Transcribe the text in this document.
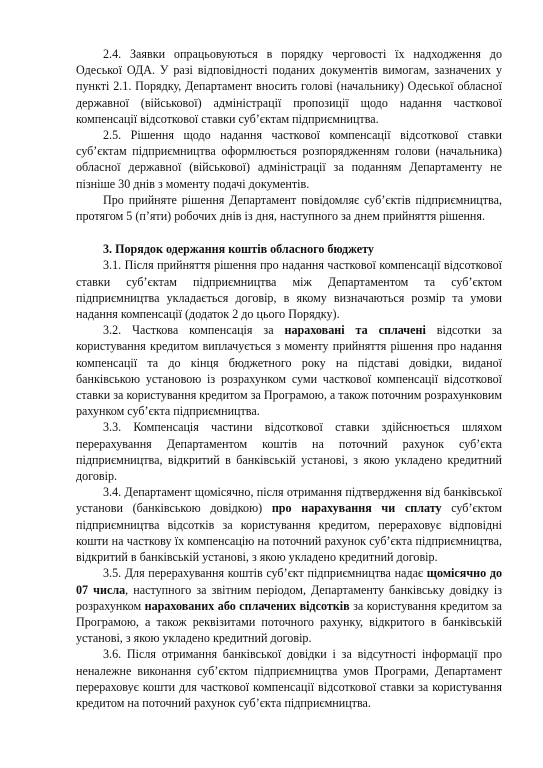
2.4. Заявки опрацьовуються в порядку черговості їх надходження до Одеської ОДА. У разі відповідності поданих документів вимогам, зазначених у пункті 2.1. Порядку, Департамент вносить голові (начальнику) Одеської обласної державної (військової) адміністрації пропозиції щодо надання часткової компенсації відсоткової ставки суб’єктам підприємництва.

2.5. Рішення щодо надання часткової компенсації відсоткової ставки суб’єктам підприємництва оформлюється розпорядженням голови (начальника) обласної державної (військової) адміністрації за поданням Департаменту не пізніше 30 днів з моменту подачі документів.

Про прийняте рішення Департамент повідомляє суб’єктів підприємництва, протягом 5 (п’яти) робочих днів із дня, наступного за днем прийняття рішення.

3. Порядок одержання коштів обласного бюджету

3.1. Після прийняття рішення про надання часткової компенсації відсоткової ставки суб’єктам підприємництва між Департаментом та суб’єктом підприємництва укладається договір, в якому визначаються розмір та умови надання компенсації (додаток 2 до цього Порядку).

3.2. Часткова компенсація за нараховані та сплачені відсотки за користування кредитом виплачується з моменту прийняття рішення про надання компенсації та до кінця бюджетного року на підставі довідки, виданої банківською установою із розрахунком суми часткової компенсації відсоткової ставки за користування кредитом за Програмою, а також поточним розрахунковим рахунком суб’єкта підприємництва.

3.3. Компенсація частини відсоткової ставки здійснюється шляхом перерахування Департаментом коштів на поточний рахунок суб’єкта підприємництва, відкритий в банківській установі, з якою укладено кредитний договір.

3.4. Департамент щомісячно, після отримання підтвердження від банківської установи (банківською довідкою) про нарахування чи сплату суб’єктом підприємництва відсотків за користування кредитом, перераховує відповідні кошти на часткову їх компенсацію на поточний рахунок суб’єкта підприємництва, відкритий в банківській установі, з якою укладено кредитний договір.

3.5. Для перерахування коштів суб’єкт підприємництва надає щомісячно до 07 числа, наступного за звітним періодом, Департаменту банківську довідку із розрахунком нарахованих або сплачених відсотків за користування кредитом за Програмою, а також реквізитами поточного рахунку, відкритого в банківській установі, з якою укладено кредитний договір.

3.6. Після отримання банківської довідки і за відсутності інформації про неналежне виконання суб’єктом підприємництва умов Програми, Департамент перераховує кошти для часткової компенсації відсоткової ставки за користування кредитом на поточний рахунок суб’єкта підприємництва.
